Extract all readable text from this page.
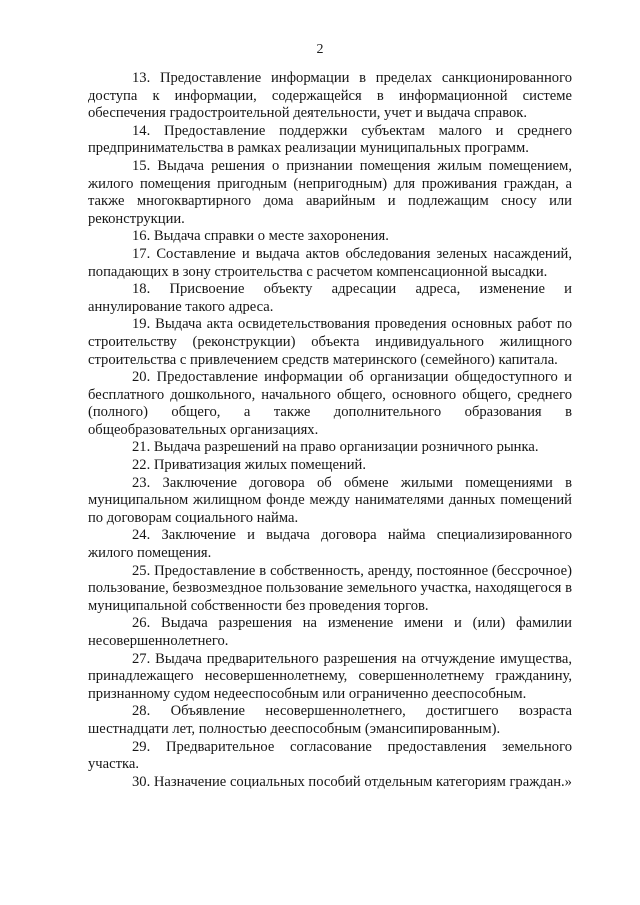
2

13. Предоставление информации в пределах санкционированного доступа к информации, содержащейся в информационной системе обеспечения градостроительной деятельности, учет и выдача справок.

14. Предоставление поддержки субъектам малого и среднего предпринимательства в рамках реализации муниципальных программ.

15. Выдача решения о признании помещения жилым помещением, жилого помещения пригодным (непригодным) для проживания граждан, а также многоквартирного дома аварийным и подлежащим сносу или реконструкции.

16. Выдача справки о месте захоронения.

17. Составление и выдача актов обследования зеленых насаждений, попадающих в зону строительства с расчетом компенсационной высадки.

18. Присвоение объекту адресации адреса, изменение и аннулирование такого адреса.

19. Выдача акта освидетельствования проведения основных работ по строительству (реконструкции) объекта индивидуального жилищного строительства с привлечением средств материнского (семейного) капитала.

20. Предоставление информации об организации общедоступного и бесплатного дошкольного, начального общего, основного общего, среднего (полного) общего, а также дополнительного образования в общеобразовательных организациях.

21. Выдача разрешений на право организации розничного рынка.

22. Приватизация жилых помещений.

23. Заключение договора об обмене жилыми помещениями в муниципальном жилищном фонде между нанимателями данных помещений по договорам социального найма.

24. Заключение и выдача договора найма специализированного жилого помещения.

25. Предоставление в собственность, аренду, постоянное (бессрочное) пользование, безвозмездное пользование земельного участка, находящегося в муниципальной собственности без проведения торгов.

26. Выдача разрешения на изменение имени и (или) фамилии несовершеннолетнего.

27. Выдача предварительного разрешения на отчуждение имущества, принадлежащего несовершеннолетнему, совершеннолетнему гражданину, признанному судом недееспособным или ограниченно дееспособным.

28. Объявление несовершеннолетнего, достигшего возраста шестнадцати лет, полностью дееспособным (эмансипированным).

29. Предварительное согласование предоставления земельного участка.

30. Назначение социальных пособий отдельным категориям граждан.»
